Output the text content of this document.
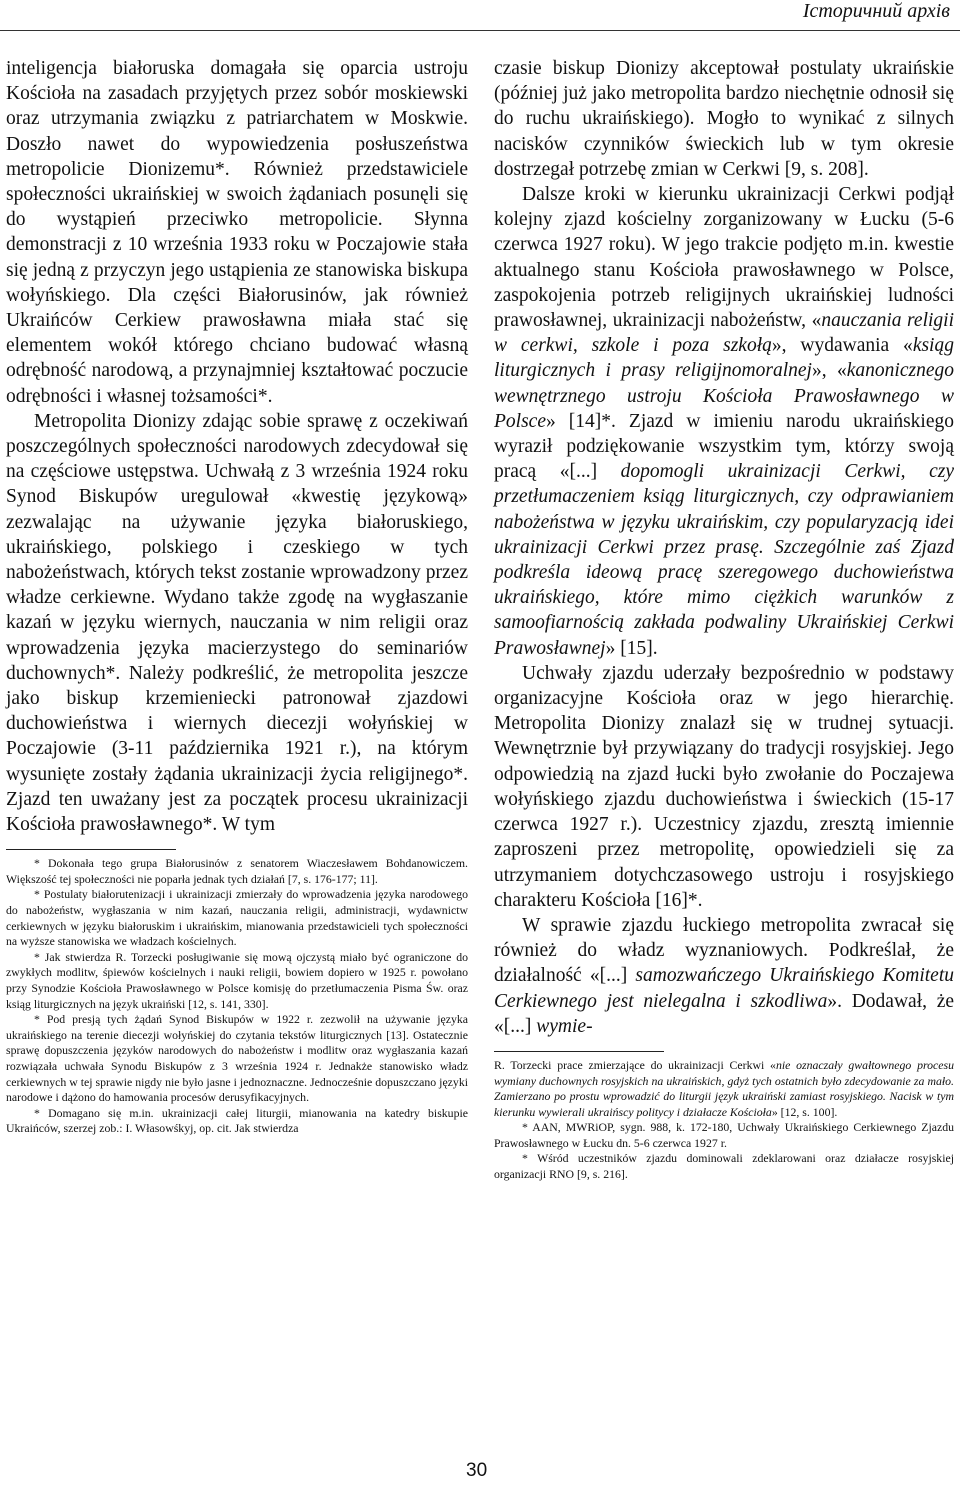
Історичний архів

inteligencja białoruska domagała się oparcia ustroju Kościoła na zasadach przyjętych przez sobór moskiewski oraz utrzymania związku z patriarchatem w Moskwie. Doszło nawet do wypowiedzenia posłuszeństwa metropolicie Dionizemu*. Również przedstawiciele społeczności ukraińskiej w swoich żądaniach posunęli się do wystąpień przeciwko metropolicie. Słynna demonstracji z 10 września 1933 roku w Poczajowie stała się jedną z przyczyn jego ustąpienia ze stanowiska biskupa wołyńskiego. Dla części Białorusinów, jak również Ukraińców Cerkiew prawosławna miała stać się elementem wokół którego chciano budować własną odrębność narodową, a przynajmniej kształtować poczucie odrębności i własnej tożsamości*.

Metropolita Dionizy zdając sobie sprawę z oczekiwań poszczególnych społeczności narodowych zdecydował się na częściowe ustępstwa. Uchwałą z 3 września 1924 roku Synod Biskupów uregulował «kwestię językową» zezwalając na używanie języka białoruskiego, ukraińskiego, polskiego i czeskiego w tych nabożeństwach, których tekst zostanie wprowadzony przez władze cerkiewne. Wydano także zgodę na wygłaszanie kazań w języku wiernych, nauczania w nim religii oraz wprowadzenia języka macierzystego do seminariów duchownych*. Należy podkreślić, że metropolita jeszcze jako biskup krzemieniecki patronował zjazdowi duchowieństwa i wiernych diecezji wołyńskiej w Poczajowie (3-11 października 1921 r.), na którym wysunięte zostały żądania ukrainizacji życia religijnego*. Zjazd ten uważany jest za początek procesu ukrainizacji Kościoła prawosławnego*. W tym

* Dokonała tego grupa Białorusinów z senatorem Wiaczesławem Bohdanowiczem. Większość tej społeczności nie poparła jednak tych działań [7, s. 176-177; 11].

* Postulaty białorutenizacji i ukrainizacji zmierzały do wprowadzenia języka narodowego do nabożeństw, wygłaszania w nim kazań, nauczania religii, administracji, wydawnictw cerkiewnych w języku białoruskim i ukraińskim, mianowania przedstawicieli tych społeczności na wyższe stanowiska we władzach kościelnych.

* Jak stwierdza R. Torzecki posługiwanie się mową ojczystą miało być ograniczone do zwykłych modlitw, śpiewów kościelnych i nauki religii, bowiem dopiero w 1925 r. powołano przy Synodzie Kościoła Prawosławnego w Polsce komisję do przetłumaczenia Pisma Św. oraz ksiąg liturgicznych na język ukraiński [12, s. 141, 330].

* Pod presją tych żądań Synod Biskupów w 1922 r. zezwolił na używanie języka ukraińskiego na terenie diecezji wołyńskiej do czytania tekstów liturgicznych [13]. Ostatecznie sprawę dopuszczenia języków narodowych do nabożeństw i modlitw oraz wygłaszania kazań rozwiązała uchwała Synodu Biskupów z 3 września 1924 r. Jednakże stanowisko władz cerkiewnych w tej sprawie nigdy nie było jasne i jednoznaczne. Jednocześnie dopuszczano języki narodowe i dążono do hamowania procesów derusyfikacyjnych.

* Domagano się m.in. ukrainizacji całej liturgii, mianowania na katedry biskupie Ukraińców, szerzej zob.: I. Własowśkyj, op. cit. Jak stwierdza

czasie biskup Dionizy akceptował postulaty ukraińskie (później już jako metropolita bardzo niechętnie odnosił się do ruchu ukraińskiego). Mogło to wynikać z silnych nacisków czynników świeckich lub w tym okresie dostrzegał potrzebę zmian w Cerkwi [9, s. 208].

Dalsze kroki w kierunku ukrainizacji Cerkwi podjął kolejny zjazd kościelny zorganizowany w Łucku (5-6 czerwca 1927 roku). W jego trakcie podjęto m.in. kwestie aktualnego stanu Kościoła prawosławnego w Polsce, zaspokojenia potrzeb religijnych ukraińskiej ludności prawosławnej, ukrainizacji nabożeństw, «nauczania religii w cerkwi, szkole i poza szkołą», wydawania «ksiąg liturgicznych i prasy religijnomoralnej», «kanonicznego wewnętrznego ustroju Kościoła Prawosławnego w Polsce» [14]*. Zjazd w imieniu narodu ukraińskiego wyraził podziękowanie wszystkim tym, którzy swoją pracą «[...] dopomogli ukrainizacji Cerkwi, czy przetłumaczeniem ksiąg liturgicznych, czy odprawianiem nabożeństwa w języku ukraińskim, czy popularyzacją idei ukrainizacji Cerkwi przez prasę. Szczególnie zaś Zjazd podkreśla ideową pracę szeregowego duchowieństwa ukraińskiego, które mimo ciężkich warunków z samoofiarnością zakłada podwaliny Ukraińskiej Cerkwi Prawosławnej» [15].

Uchwały zjazdu uderzały bezpośrednio w podstawy organizacyjne Kościoła oraz w jego hierarchię. Metropolita Dionizy znalazł się w trudnej sytuacji. Wewnętrznie był przywiązany do tradycji rosyjskiej. Jego odpowiedzią na zjazd łucki było zwołanie do Poczajewa wołyńskiego zjazdu duchowieństwa i świeckich (15-17 czerwca 1927 r.). Uczestnicy zjazdu, zresztą imiennie zaproszeni przez metropolitę, opowiedzieli się za utrzymaniem dotychczasowego ustroju i rosyjskiego charakteru Kościoła [16]*.

W sprawie zjazdu łuckiego metropolita zwracał się również do władz wyznaniowych. Podkreślał, że działalność «[...] samozwańczego Ukraińskiego Komitetu Cerkiewnego jest nielegalna i szkodliwa». Dodawał, że «[...] wymie-

R. Torzecki prace zmierzające do ukrainizacji Cerkwi «nie oznaczały gwałtownego procesu wymiany duchownych rosyjskich na ukraińskich, gdyż tych ostatnich było zdecydowanie za mało. Zamierzano po prostu wprowadzić do liturgii język ukraiński zamiast rosyjskiego. Nacisk w tym kierunku wywierali ukraińscy politycy i działacze Kościoła» [12, s. 100].

* AAN, MWRiOP, sygn. 988, k. 172-180, Uchwały Ukraińskiego Cerkiewnego Zjazdu Prawosławnego w Łucku dn. 5-6 czerwca 1927 r.

* Wśród uczestników zjazdu dominowali zdeklarowani oraz działacze rosyjskiej organizacji RNO [9, s. 216].

30
